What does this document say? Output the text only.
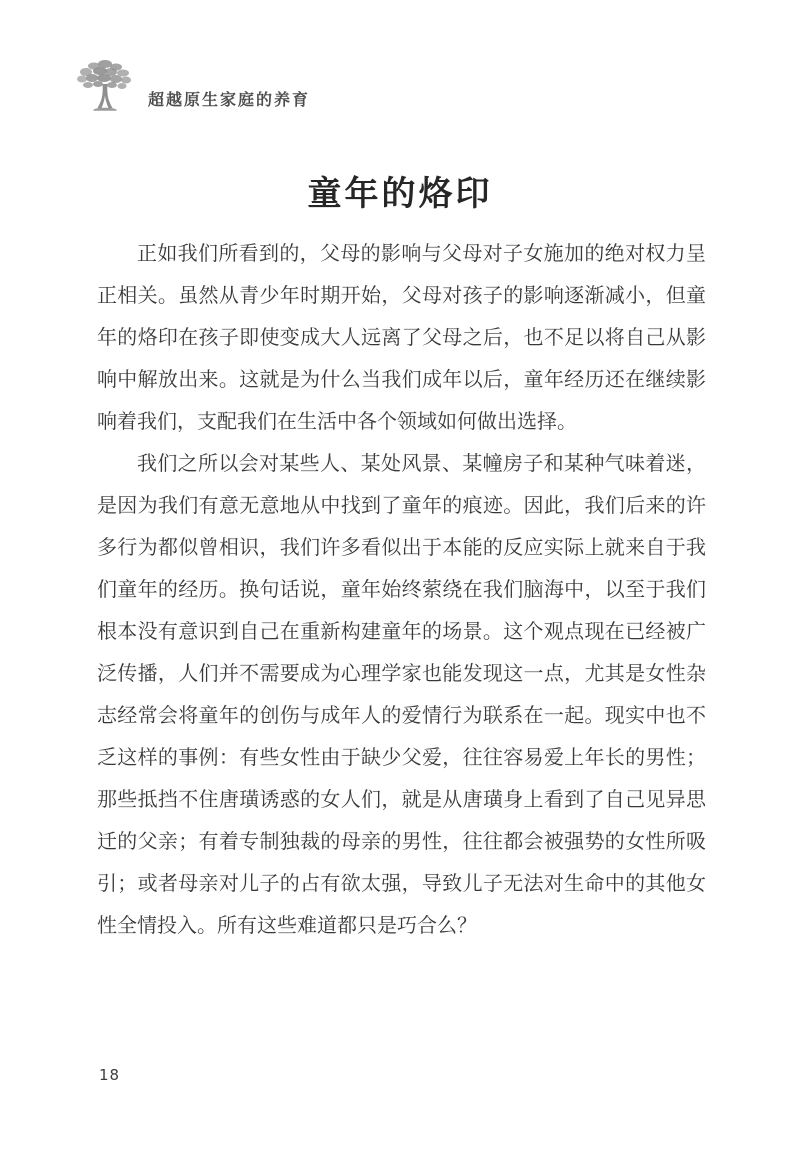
超越原生家庭的养育
童年的烙印

正如我们所看到的，父母的影响与父母对子女施加的绝对权力呈正相关。虽然从青少年时期开始，父母对孩子的影响逐渐减小，但童年的烙印在孩子即使变成大人远离了父母之后，也不足以将自己从影响中解放出来。这就是为什么当我们成年以后，童年经历还在继续影响着我们，支配我们在生活中各个领域如何做出选择。

我们之所以会对某些人、某处风景、某幢房子和某种气味着迷，是因为我们有意无意地从中找到了童年的痕迹。因此，我们后来的许多行为都似曾相识，我们许多看似出于本能的反应实际上就来自于我们童年的经历。换句话说，童年始终萦绕在我们脑海中，以至于我们根本没有意识到自己在重新构建童年的场景。这个观点现在已经被广泛传播，人们并不需要成为心理学家也能发现这一点，尤其是女性杂志经常会将童年的创伤与成年人的爱情行为联系在一起。现实中也不乏这样的事例：有些女性由于缺少父爱，往往容易爱上年长的男性；那些抵挡不住唐璜诱惑的女人们，就是从唐璜身上看到了自己见异思迁的父亲；有着专制独裁的母亲的男性，往往都会被强势的女性所吸引；或者母亲对儿子的占有欲太强，导致儿子无法对生命中的其他女性全情投入。所有这些难道都只是巧合么？

18
